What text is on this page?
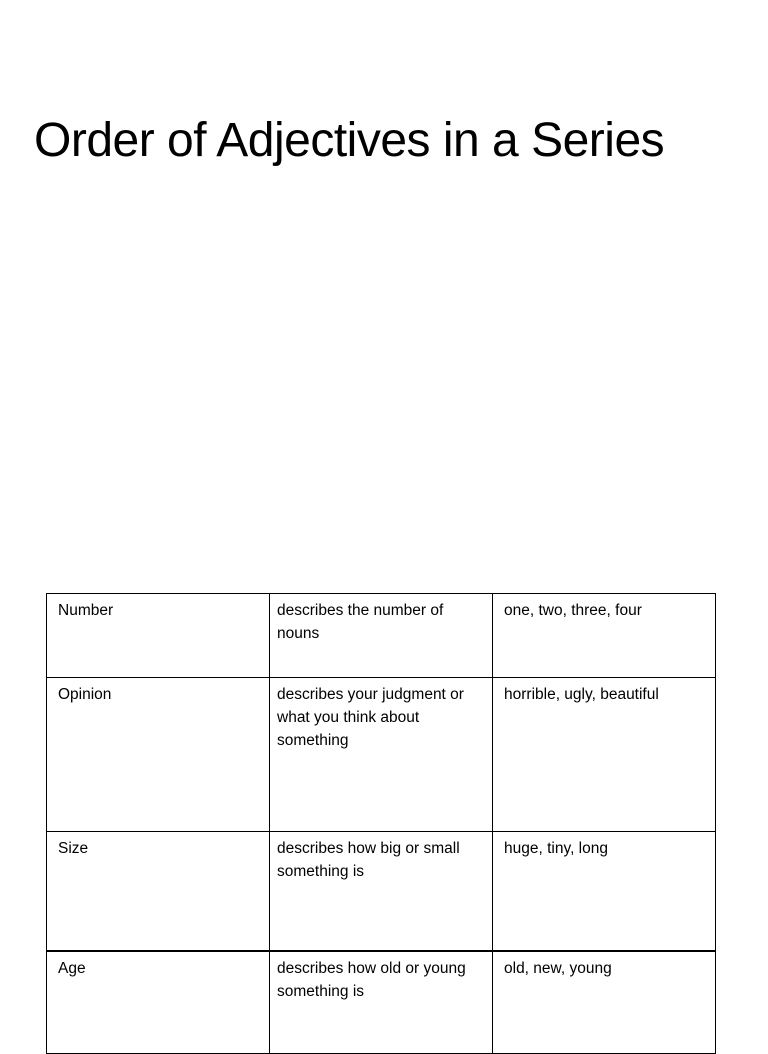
Order of Adjectives in a Series
Number	describes the number of nouns	one, two, three, four
Opinion	describes your judgment or what you think about something	horrible, ugly, beautiful
Size	describes how big or small something is	huge, tiny, long
Age	describes how old or young something is	old, new, young
